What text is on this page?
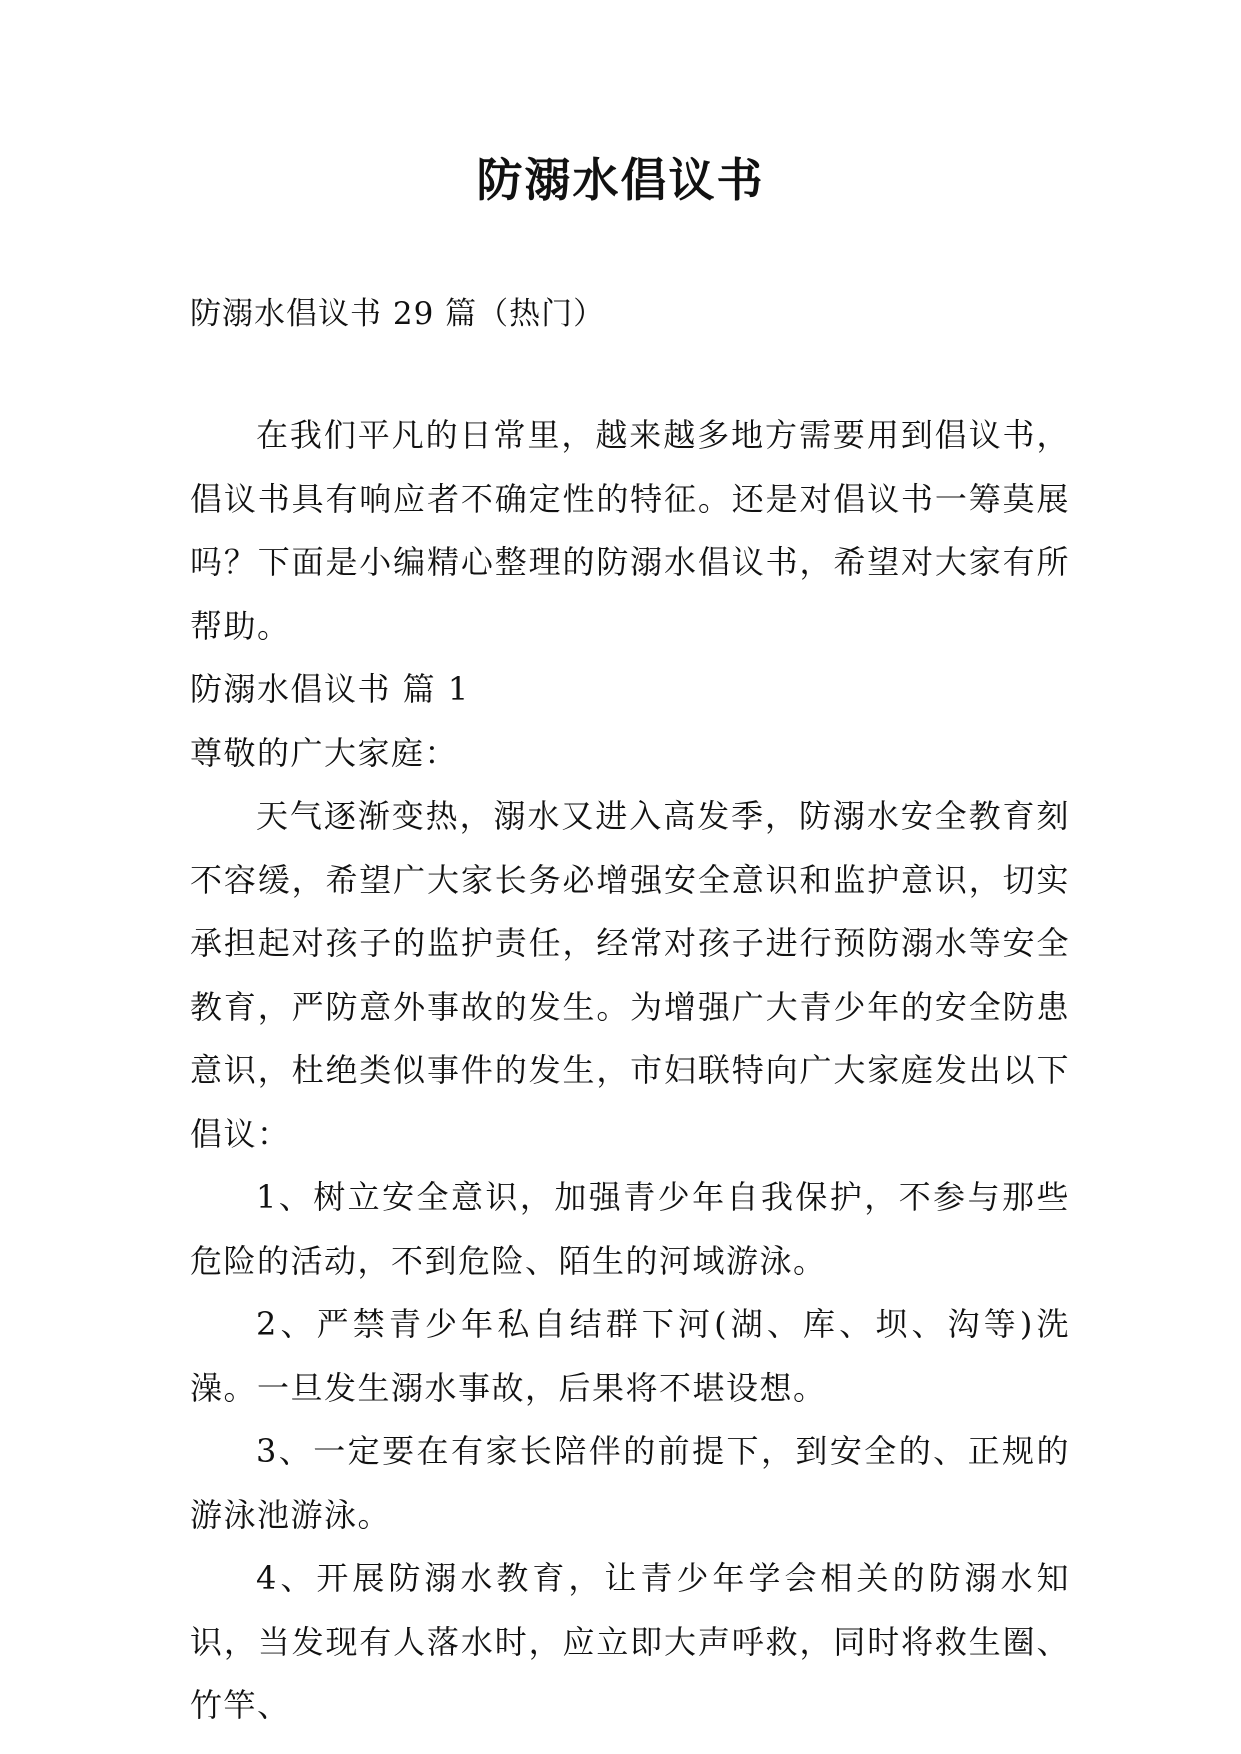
防溺水倡议书
防溺水倡议书 29 篇（热门）

在我们平凡的日常里，越来越多地方需要用到倡议书，倡议书具有响应者不确定性的特征。还是对倡议书一筹莫展吗？下面是小编精心整理的防溺水倡议书，希望对大家有所帮助。

防溺水倡议书 篇 1

尊敬的广大家庭：

天气逐渐变热，溺水又进入高发季，防溺水安全教育刻不容缓，希望广大家长务必增强安全意识和监护意识，切实承担起对孩子的监护责任，经常对孩子进行预防溺水等安全教育，严防意外事故的发生。为增强广大青少年的安全防患意识，杜绝类似事件的发生，市妇联特向广大家庭发出以下倡议：

1、树立安全意识，加强青少年自我保护，不参与那些危险的活动，不到危险、陌生的河域游泳。

2、严禁青少年私自结群下河(湖、库、坝、沟等)洗澡。一旦发生溺水事故，后果将不堪设想。

3、一定要在有家长陪伴的前提下，到安全的、正规的游泳池游泳。

4、开展防溺水教育，让青少年学会相关的防溺水知识，当发现有人落水时，应立即大声呼救，同时将救生圈、竹竿、
